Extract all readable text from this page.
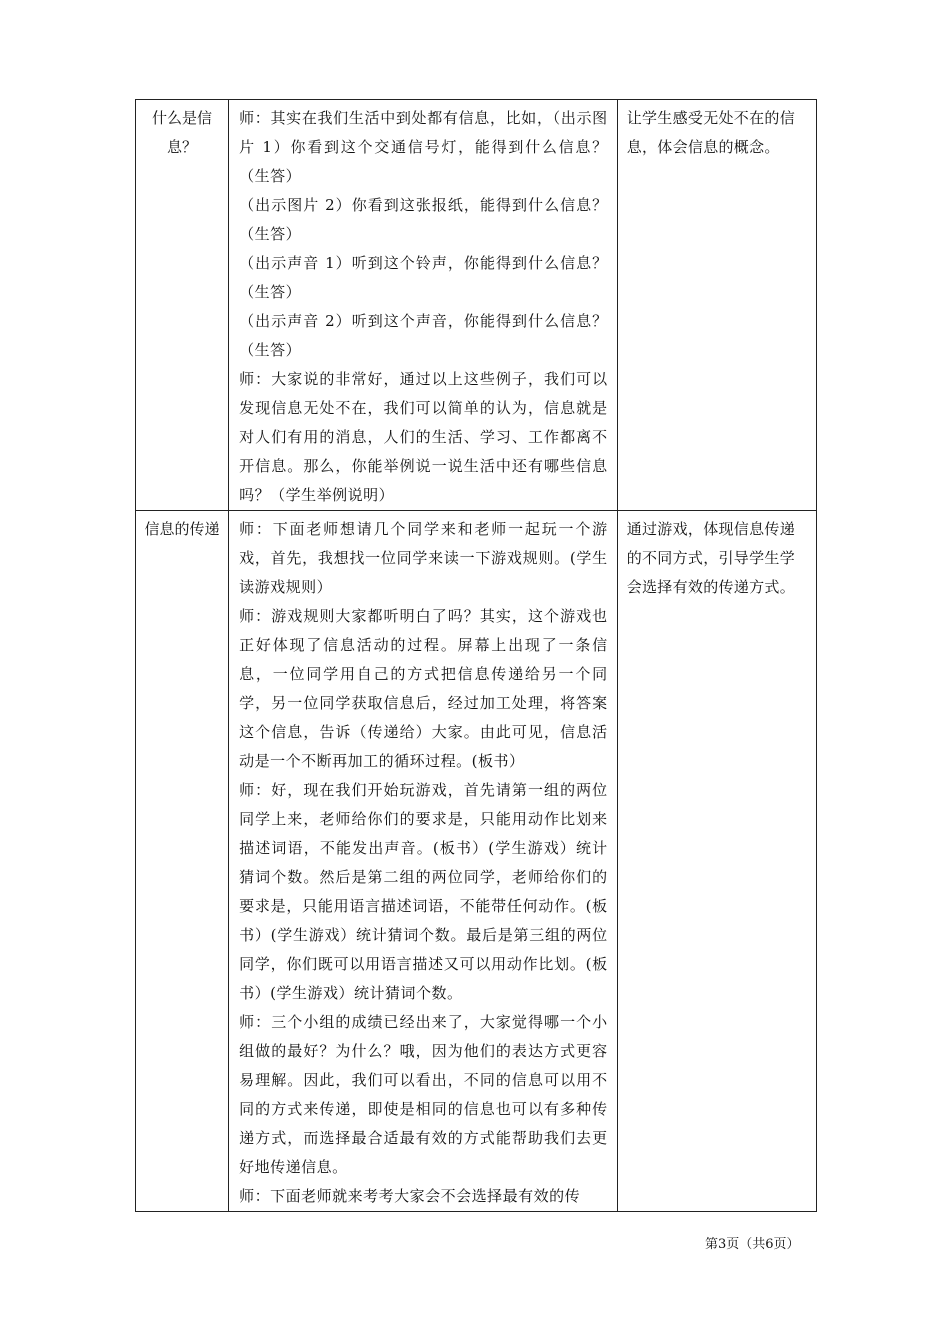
什么是信息？	师：其实在我们生活中到处都有信息，比如，（出示图片 1）你看到这个交通信号灯，能得到什么信息？（生答）

（出示图片 2）你看到这张报纸，能得到什么信息？（生答）

（出示声音 1）听到这个铃声，你能得到什么信息？（生答）

（出示声音 2）听到这个声音，你能得到什么信息？（生答）

师：大家说的非常好，通过以上这些例子，我们可以发现信息无处不在，我们可以简单的认为，信息就是对人们有用的消息，人们的生活、学习、工作都离不开信息。那么，你能举例说一说生活中还有哪些信息吗？（学生举例说明）	让学生感受无处不在的信息，体会信息的概念。
信息的传递	师：下面老师想请几个同学来和老师一起玩一个游戏，首先，我想找一位同学来读一下游戏规则。(学生读游戏规则）

师：游戏规则大家都听明白了吗？其实，这个游戏也正好体现了信息活动的过程。屏幕上出现了一条信息，一位同学用自己的方式把信息传递给另一个同学，另一位同学获取信息后，经过加工处理，将答案这个信息，告诉（传递给）大家。由此可见，信息活动是一个不断再加工的循环过程。(板书）

师：好，现在我们开始玩游戏，首先请第一组的两位同学上来，老师给你们的要求是，只能用动作比划来描述词语，不能发出声音。(板书）(学生游戏）统计猜词个数。然后是第二组的两位同学，老师给你们的要求是，只能用语言描述词语，不能带任何动作。(板书）(学生游戏）统计猜词个数。最后是第三组的两位同学，你们既可以用语言描述又可以用动作比划。(板书）(学生游戏）统计猜词个数。

师：三个小组的成绩已经出来了，大家觉得哪一个小组做的最好？为什么？哦，因为他们的表达方式更容易理解。因此，我们可以看出，不同的信息可以用不同的方式来传递，即使是相同的信息也可以有多种传递方式，而选择最合适最有效的方式能帮助我们去更好地传递信息。

师：下面老师就来考考大家会不会选择最有效的传	通过游戏，体现信息传递的不同方式，引导学生学会选择有效的传递方式。
第3页（共6页）
